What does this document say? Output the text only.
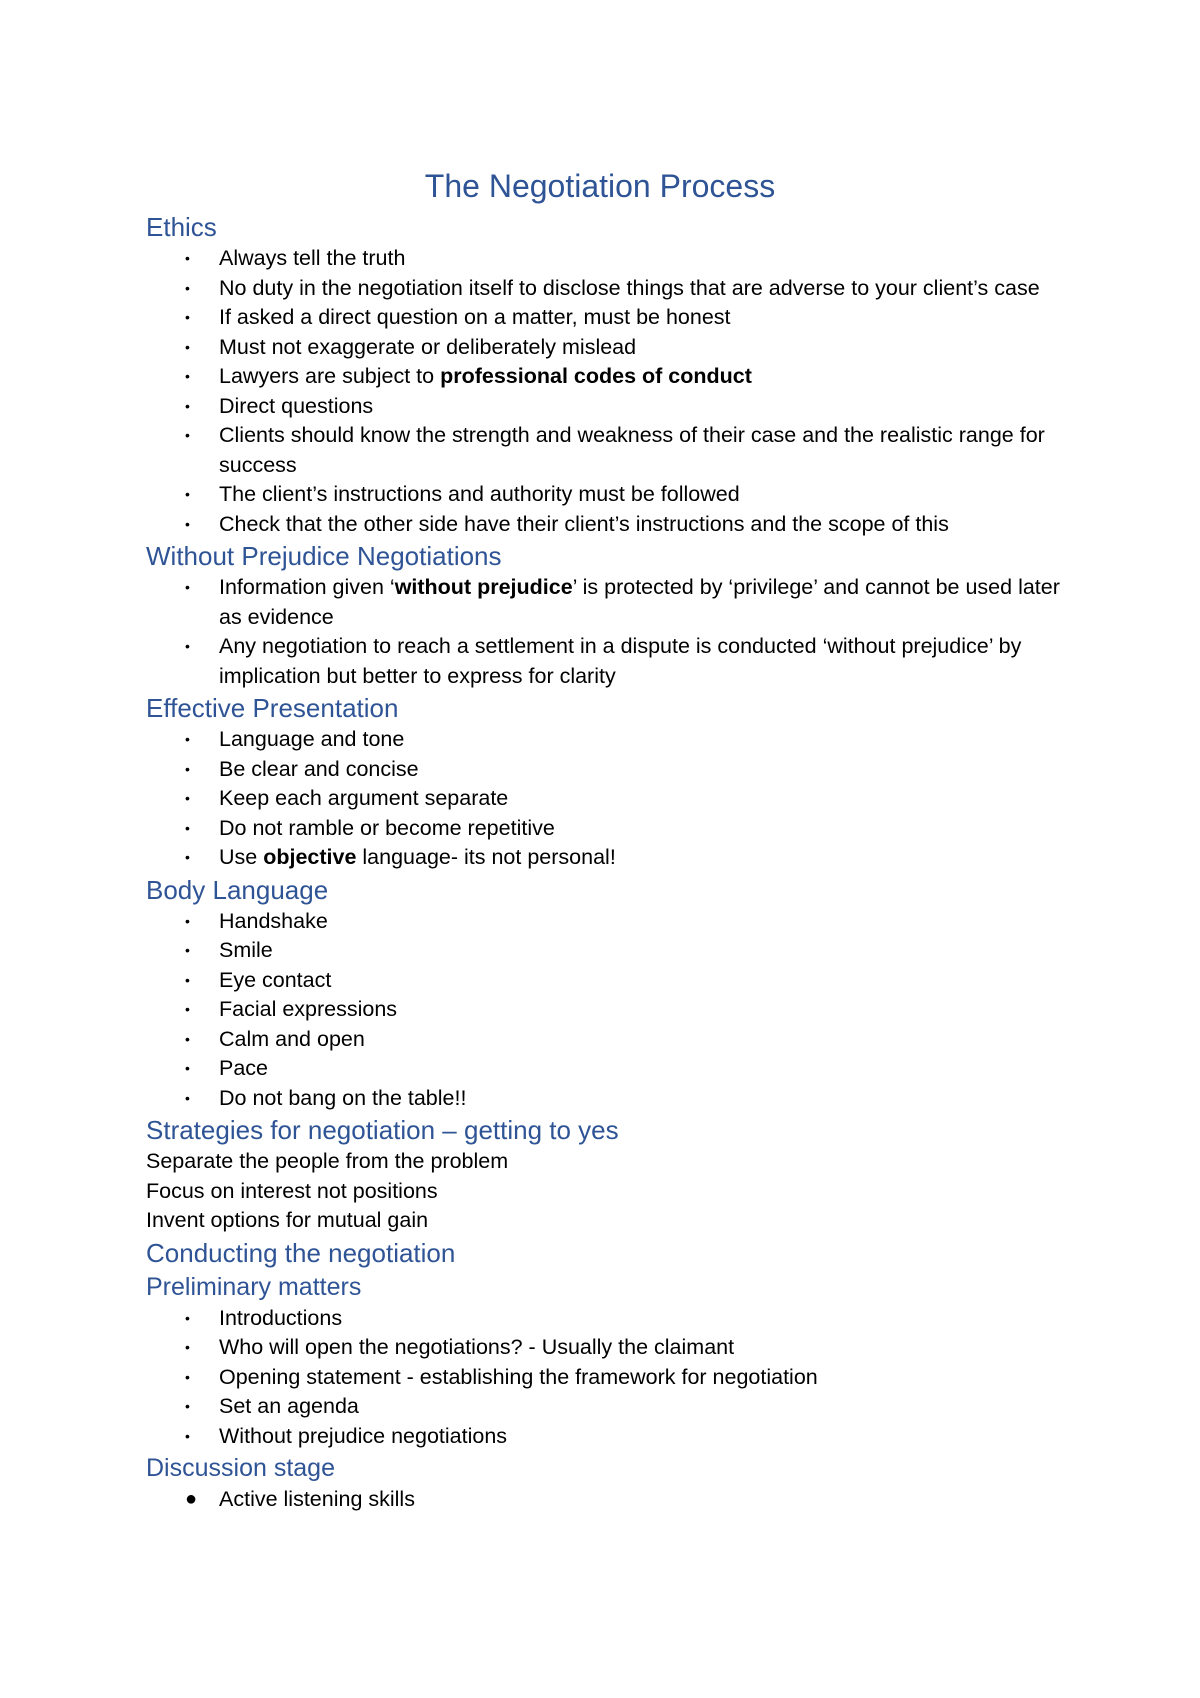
The Negotiation Process
Ethics
•	Always tell the truth
•	No duty in the negotiation itself to disclose things that are adverse to your client’s case
•	If asked a direct question on a matter, must be honest
•	Must not exaggerate or deliberately mislead
•	Lawyers are subject to professional codes of conduct
•	Direct questions
•	Clients should know the strength and weakness of their case and the realistic range for success
•	The client’s instructions and authority must be followed
•	Check that the other side have their client’s instructions and the scope of this
Without Prejudice Negotiations
•	Information given ‘without prejudice’ is protected by ‘privilege’ and cannot be used later as evidence
•	Any negotiation to reach a settlement in a dispute is conducted ‘without prejudice’ by implication but better to express for clarity
Effective Presentation
•	Language and tone
•	Be clear and concise
•	Keep each argument separate
•	Do not ramble or become repetitive
•	Use objective language- its not personal!
Body Language
•	Handshake
•	Smile
•	Eye contact
•	Facial expressions
•	Calm and open
•	Pace
•	Do not bang on the table!!
Strategies for negotiation – getting to yes

Separate the people from the problem

Focus on interest not positions

Invent options for mutual gain

Conducting the negotiation
Preliminary matters
•	Introductions
•	Who will open the negotiations? - Usually the claimant
•	Opening statement - establishing the framework for negotiation
•	Set an agenda
•	Without prejudice negotiations
Discussion stage
● Active listening skills
